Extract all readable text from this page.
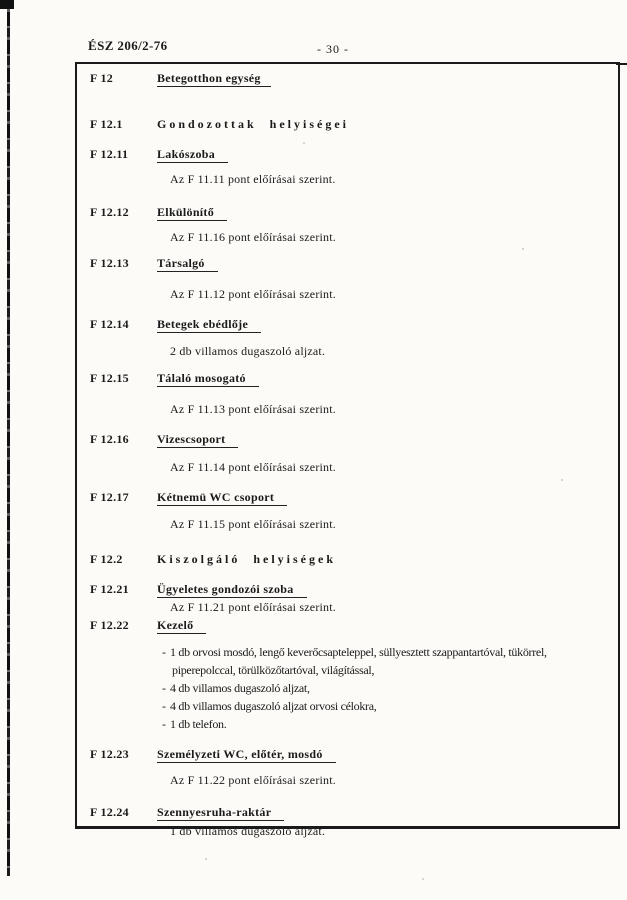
ÉSZ 206/2-76	- 30 -
F 12	Betegotthon egység
F 12.1	Gondozottak helyiségei
F 12.11	Lakószoba
Az F 11.11 pont előírásai szerint.
F 12.12	Elkülönítő
Az F 11.16 pont előírásai szerint.
F 12.13	Társalgó
Az F 11.12 pont előírásai szerint.
F 12.14	Betegek ebédlője
2 db villamos dugaszoló aljzat.
F 12.15	Tálaló mosogató
Az F 11.13 pont előírásai szerint.
F 12.16	Vizescsoport
Az F 11.14 pont előírásai szerint.
F 12.17	Kétnemü WC csoport
Az F 11.15 pont előírásai szerint.
F 12.2	Kiszolgáló helyiségek
F 12.21	Ügyeletes gondozói szoba
Az F 11.21 pont előírásai szerint.
F 12.22	Kezelő
- 1 db orvosi mosdó, lengő keverőcsapteleppel, süllyesztett szappantartóval, tükörrel,
piperepolccal, törülközőtartóval, világítással,
- 4 db villamos dugaszoló aljzat,
- 4 db villamos dugaszoló aljzat orvosi célokra,
- 1 db telefon.
F 12.23	Személyzeti WC, előtér, mosdó
Az F 11.22 pont előírásai szerint.
F 12.24	Szennyesruha-raktár
1 db villamos dugaszoló aljzat.
